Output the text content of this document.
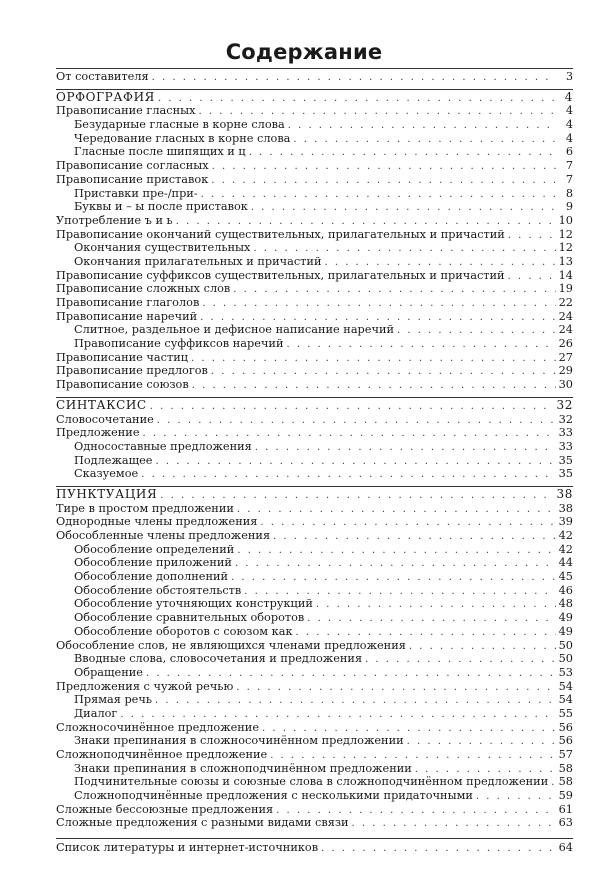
Содержание
От составителя . . .	3
ОРФОГРАФИЯ . . .	4
Правописание гласных . . .	4
Безударные гласные в корне слова . . .	4
Чередование гласных в корне слова . . .	4
Гласные после шипящих и ц . . .	6
Правописание согласных . . .	7
Правописание приставок . . .	7
Приставки пре-/при- . . .	8
Буквы и – ы после приставок . . .	9
Употребление ъ и ь . . .	10
Правописание окончаний существительных, прилагательных и причастий . . .	12
Окончания существительных . . .	12
Окончания прилагательных и причастий . . .	13
Правописание суффиксов существительных, прилагательных и причастий . . .	14
Правописание сложных слов . . .	19
Правописание глаголов . . .	22
Правописание наречий . . .	24
Слитное, раздельное и дефисное написание наречий . . .	24
Правописание суффиксов наречий . . .	26
Правописание частиц . . .	27
Правописание предлогов . . .	29
Правописание союзов . . .	30
СИНТАКСИС . . .	32
Словосочетание . . .	32
Предложение . . .	33
Односоставные предложения . . .	33
Подлежащее . . .	35
Сказуемое . . .	35
ПУНКТУАЦИЯ . . .	38
Тире в простом предложении . . .	38
Однородные члены предложения . . .	39
Обособленные члены предложения . . .	42
Обособление определений . . .	42
Обособление приложений . . .	44
Обособление дополнений . . .	45
Обособление обстоятельств . . .	46
Обособление уточняющих конструкций . . .	48
Обособление сравнительных оборотов . . .	49
Обособление оборотов с союзом как . . .	49
Обособление слов, не являющихся членами предложения . . .	50
Вводные слова, словосочетания и предложения . . .	50
Обращение . . .	53
Предложения с чужой речью . . .	54
Прямая речь . . .	54
Диалог . . .	55
Сложносочинённое предложение . . .	56
Знаки препинания в сложносочинённом предложении . . .	56
Сложноподчинённое предложение . . .	57
Знаки препинания в сложноподчинённом предложении . . .	58
Подчинительные союзы и союзные слова в сложноподчинённом предложении . . . 58
Сложноподчинённые предложения с несколькими придаточными . . .	59
Сложные бессоюзные предложения . . .	61
Сложные предложения с разными видами связи . . .	63
Список литературы и интернет-источников . . .	64
